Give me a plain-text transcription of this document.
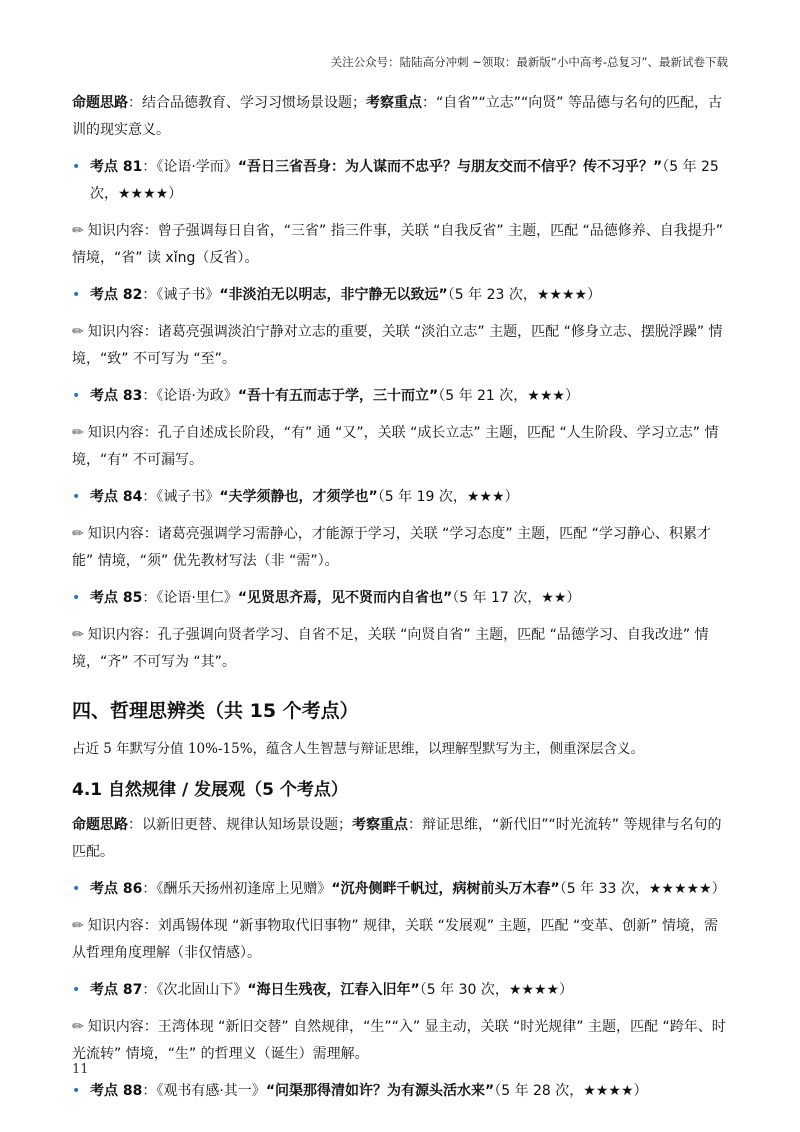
关注公众号：陆陆高分冲刺 ~领取：最新版“小中高考-总复习”、最新试卷下载

命题思路：结合品德教育、学习习惯场景设题；考察重点：“自省”“立志”“向贤” 等品德与名句的匹配，古训的现实意义。

• 考点 81：《论语·学而》“吾日三省吾身：为人谋而不忠乎？与朋友交而不信乎？传不习乎？”（5 年 25 次，★★★★）

✏ 知识内容：曾子强调每日自省，“三省” 指三件事，关联 “自我反省” 主题，匹配 “品德修养、自我提升” 情境，“省” 读 xǐng（反省）。

• 考点 82：《诫子书》“非淡泊无以明志，非宁静无以致远”（5 年 23 次，★★★★）

✏ 知识内容：诸葛亮强调淡泊宁静对立志的重要，关联 “淡泊立志” 主题，匹配 “修身立志、摆脱浮躁” 情境，“致” 不可写为 “至”。

• 考点 83：《论语·为政》“吾十有五而志于学，三十而立”（5 年 21 次，★★★）

✏ 知识内容：孔子自述成长阶段，“有” 通 “又”，关联 “成长立志” 主题，匹配 “人生阶段、学习立志” 情境，“有” 不可漏写。

• 考点 84：《诫子书》“夫学须静也，才须学也”（5 年 19 次，★★★）

✏ 知识内容：诸葛亮强调学习需静心，才能源于学习，关联 “学习态度” 主题，匹配 “学习静心、积累才能” 情境，“须” 优先教材写法（非 “需”）。

• 考点 85：《论语·里仁》“见贤思齐焉，见不贤而内自省也”（5 年 17 次，★★）

✏ 知识内容：孔子强调向贤者学习、自省不足，关联 “向贤自省” 主题，匹配 “品德学习、自我改进” 情境，“齐” 不可写为 “其”。

四、哲理思辨类（共 15 个考点）

占近 5 年默写分值 10%-15%，蕴含人生智慧与辩证思维，以理解型默写为主，侧重深层含义。

4.1 自然规律 / 发展观（5 个考点）

命题思路：以新旧更替、规律认知场景设题；考察重点：辩证思维，“新代旧”“时光流转” 等规律与名句的匹配。

• 考点 86：《酬乐天扬州初逢席上见赠》“沉舟侧畔千帆过，病树前头万木春”（5 年 33 次，★★★★★）

✏ 知识内容：刘禹锡体现 “新事物取代旧事物” 规律，关联 “发展观” 主题，匹配 “变革、创新” 情境，需从哲理角度理解（非仅情感）。

• 考点 87：《次北固山下》“海日生残夜，江春入旧年”（5 年 30 次，★★★★）

✏ 知识内容：王湾体现 “新旧交替” 自然规律，“生”“入” 显主动，关联 “时光规律” 主题，匹配 “跨年、时光流转” 情境，“生” 的哲理义（诞生）需理解。

• 考点 88：《观书有感·其一》“问渠那得清如许？为有源头活水来”（5 年 28 次，★★★★）
11
